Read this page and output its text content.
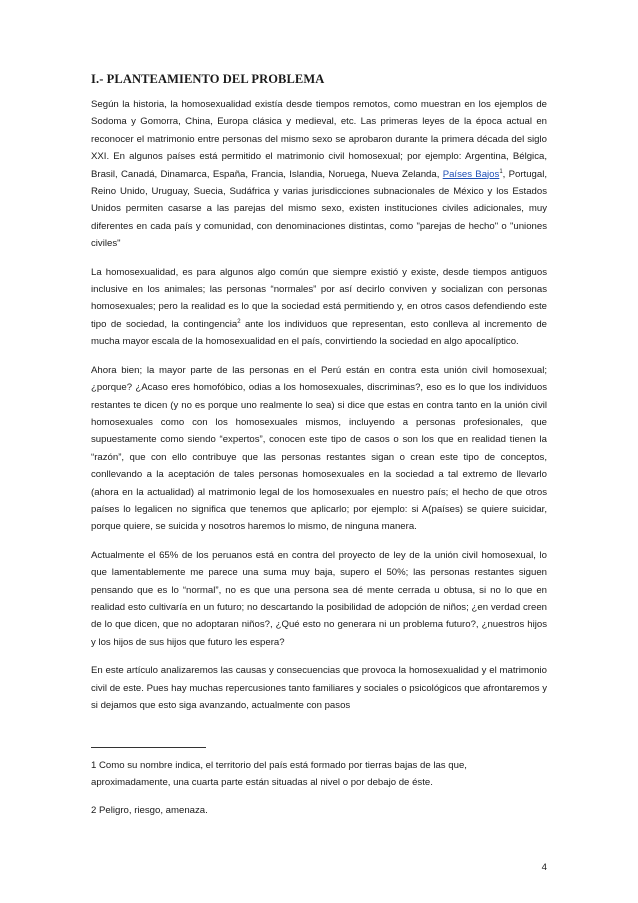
I.- PLANTEAMIENTO DEL PROBLEMA

Según la historia, la homosexualidad existía desde tiempos remotos, como muestran en los ejemplos de Sodoma y Gomorra, China, Europa clásica y medieval, etc. Las primeras leyes de la época actual en reconocer el matrimonio entre personas del mismo sexo se aprobaron durante la primera década del siglo XXI. En algunos países está permitido el matrimonio civil homosexual; por ejemplo: Argentina, Bélgica, Brasil, Canadá, Dinamarca, España, Francia, Islandia, Noruega, Nueva Zelanda, Países Bajos$^1$, Portugal, Reino Unido, Uruguay, Suecia, Sudáfrica y varias jurisdicciones subnacionales de México y los Estados Unidos permiten casarse a las parejas del mismo sexo, existen instituciones civiles adicionales, muy diferentes en cada país y comunidad, con denominaciones distintas, como "parejas de hecho" o "uniones civiles"

La homosexualidad, es para algunos algo común que siempre existió y existe, desde tiempos antiguos inclusive en los animales; las personas “normales” por así decirlo conviven y socializan con personas homosexuales; pero la realidad es lo que la sociedad está permitiendo y, en otros casos defendiendo este tipo de sociedad, la contingencia$^2$ ante los individuos que representan, esto conlleva al incremento de mucha mayor escala de la homosexualidad en el país, convirtiendo la sociedad en algo apocalíptico.

Ahora bien; la mayor parte de las personas en el Perú están en contra esta unión civil homosexual; ¿porque? ¿Acaso eres homofóbico, odias a los homosexuales, discriminas?, eso es lo que los individuos restantes te dicen (y no es porque uno realmente lo sea) si dice que estas en contra tanto en la unión civil homosexuales como con los homosexuales mismos, incluyendo a personas profesionales, que supuestamente como siendo “expertos”, conocen este tipo de casos o son los que en realidad tienen la “razón”, que con ello contribuye que las personas restantes sigan o crean este tipo de conceptos, conllevando a la aceptación de tales personas homosexuales en la sociedad a tal extremo de llevarlo (ahora en la actualidad) al matrimonio legal de los homosexuales en nuestro país; el hecho de que otros países lo legalicen no significa que tenemos que aplicarlo; por ejemplo: si A(países) se quiere suicidar, porque quiere, se suicida y nosotros haremos lo mismo, de ninguna manera.

Actualmente el 65% de los peruanos está en contra del proyecto de ley de la unión civil homosexual, lo que lamentablemente me parece una suma muy baja, supero el 50%; las personas restantes siguen pensando que es lo “normal”, no es que una persona sea dé mente cerrada u obtusa, si no lo que en realidad esto cultivaría en un futuro; no descartando la posibilidad de adopción de niños; ¿en verdad creen de lo que dicen, que no adoptaran niños?, ¿Qué esto no generara ni un problema futuro?, ¿nuestros hijos y los hijos de sus hijos que futuro les espera?

En este artículo analizaremos las causas y consecuencias que provoca la homosexualidad y el matrimonio civil de este. Pues hay muchas repercusiones tanto familiares y sociales o psicológicos que afrontaremos y si dejamos que esto siga avanzando, actualmente con pasos

1 Como su nombre indica, el territorio del país está formado por tierras bajas de las que, aproximadamente, una cuarta parte están situadas al nivel o por debajo de éste.

2 Peligro, riesgo, amenaza.

4
